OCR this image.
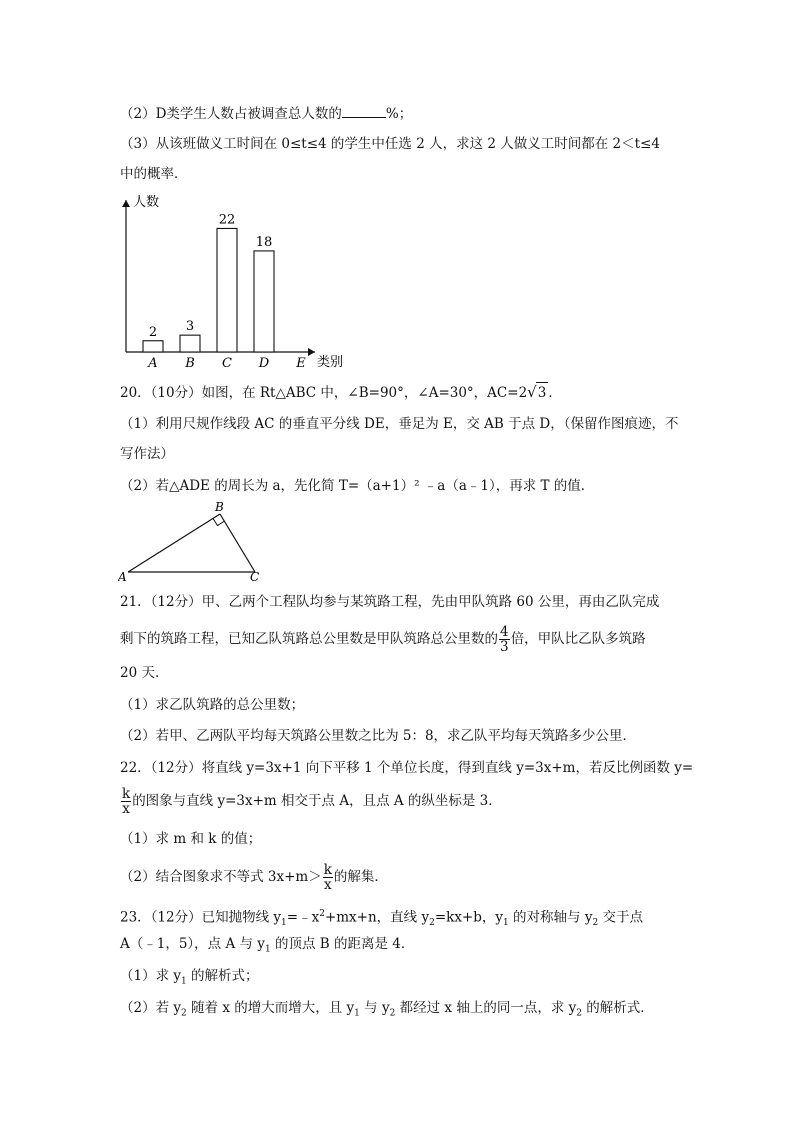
（2）D类学生人数占被调查总人数的	%；
（3）从该班做义工时间在 0≤t≤4 的学生中任选 2 人，求这 2 人做义工时间都在 2＜t≤4
中的概率．
人数
类别
2
A
3
B
22
C
18
D E
20．（10分）如图，在 Rt△ABC 中，∠B=90°，∠A=30°，AC=2√3 ．
（1）利用尺规作线段 AC 的垂直平分线 DE，垂足为 E，交 AB 于点 D，（保留作图痕迹，不
写作法）
（2）若△ADE 的周长为 a，先化简 T=（a+1）² ﹣a（a﹣1），再求 T 的值．
B
A	C
21．（12分）甲、乙两个工程队均参与某筑路工程，先由甲队筑路 60 公里，再由乙队完成
剩下的筑路工程，已知乙队筑路总公里数是甲队筑路总公里数的 $\frac{4}{3}$ 倍，甲队比乙队多筑路
20 天．
（1）求乙队筑路的总公里数；
（2）若甲、乙两队平均每天筑路公里数之比为 5：8，求乙队平均每天筑路多少公里．
22．（12分）将直线 y=3x+1 向下平移 1 个单位长度，得到直线 y=3x+m，若反比例函数 y=
$\frac{k}{x}$ 的图象与直线 y=3x+m 相交于点 A，且点 A 的纵坐标是 3．
（1）求 m 和 k 的值；
（2）结合图象求不等式 $3x+m> \frac{k}{x}$ 的解集．
23．（12分）已知抛物线 $y_1=﹣x^2+mx+n$，直线 $y_2=kx+b$，$y_1$ 的对称轴与 $y_2$ 交于点
A（﹣1，5），点 A 与 $y_1$ 的顶点 B 的距离是 4．
（1）求 $y_1$ 的解析式；
（2）若 $y_2$ 随着 x 的增大而增大，且 $y_1$ 与 $y_2$ 都经过 x 轴上的同一点，求 $y_2$ 的解析式．
